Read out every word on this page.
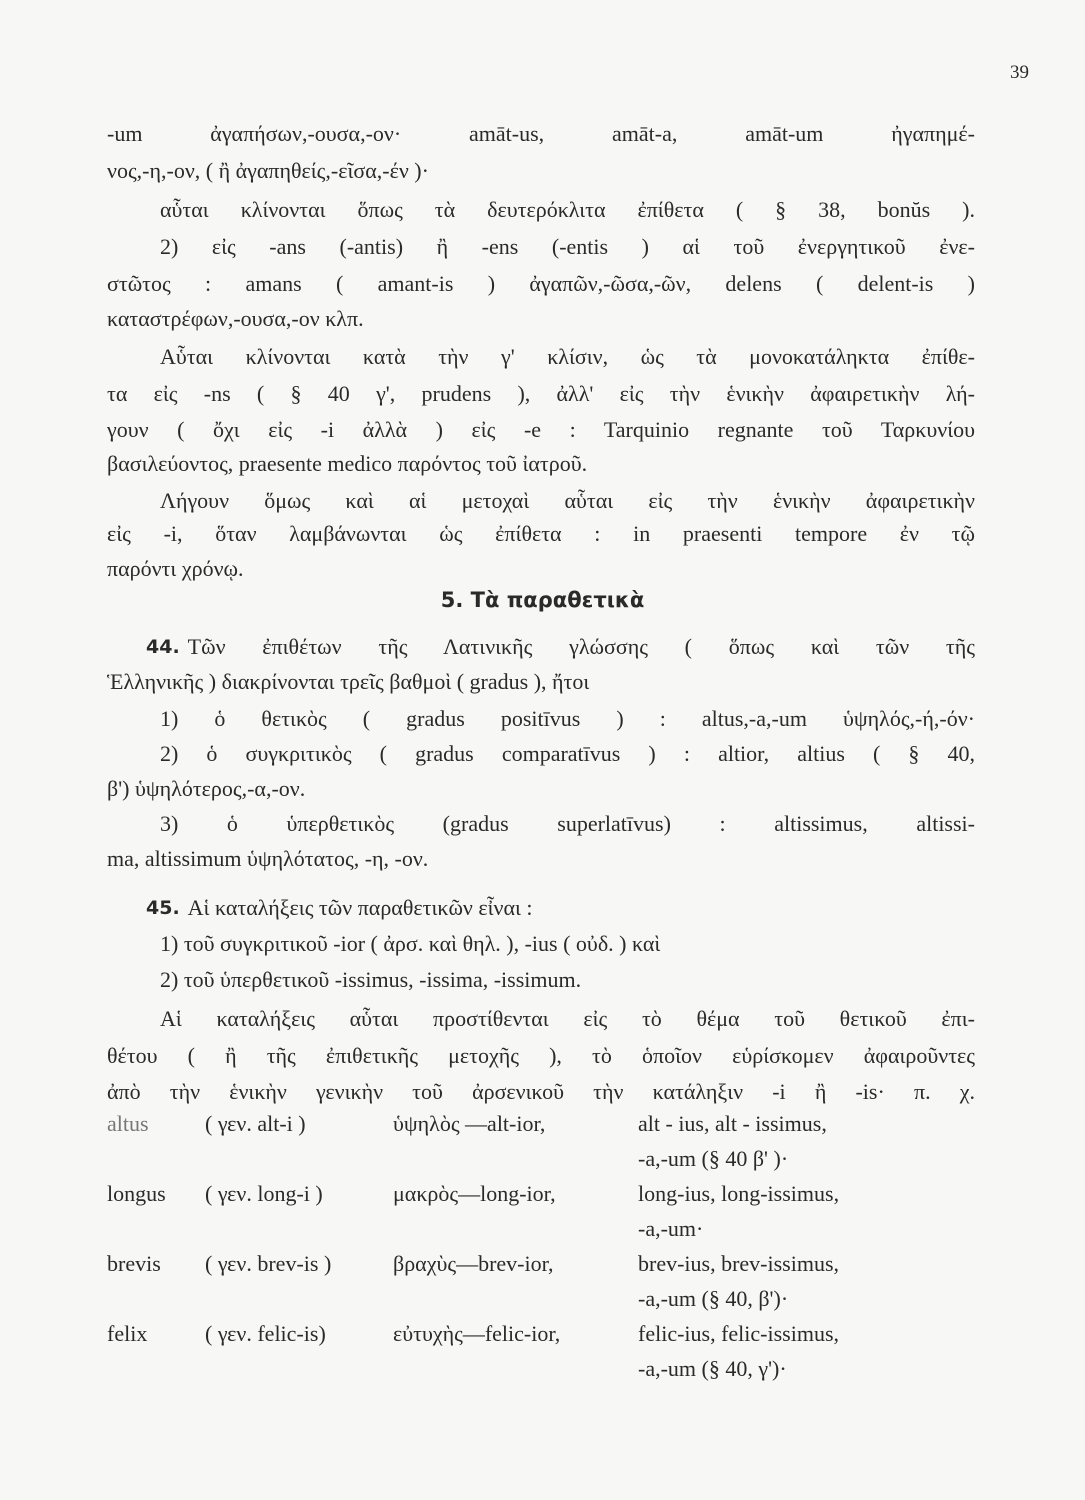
39
-um ἀγαπήσων,-ουσα,-ον· amāt-us, amāt-a, amāt-um ἠγαπημέ-
νος,-η,-ον, ( ἢ ἀγαπηθείς,-εῖσα,-έν )·
αὗται κλίνονται ὅπως τὰ δευτερόκλιτα ἐπίθετα ( § 38, bonŭs ).
2) εἰς -ans (-antis) ἢ -ens (-entis ) αἱ τοῦ ἐνεργητικοῦ ἐνε-
στῶτος : amans ( amant-is ) ἀγαπῶν,-ῶσα,-ῶν, delens ( delent-is )
καταστρέφων,-ουσα,-ον κλπ.
Αὗται κλίνονται κατὰ τὴν γ' κλίσιν, ὡς τὰ μονοκατάληκτα ἐπίθε-
τα εἰς -ns ( § 40 γ', prudens ), ἀλλ' εἰς τὴν ἑνικὴν ἀφαιρετικὴν λή-
γουν ( ὄχι εἰς -i ἀλλὰ ) εἰς -e : Tarquinio regnante τοῦ Ταρκυνίου
βασιλεύοντος, praesente medico παρόντος τοῦ ἰατροῦ.
Λήγουν ὅμως καὶ αἱ μετοχαὶ αὗται εἰς τὴν ἑνικὴν ἀφαιρετικὴν
εἰς -i, ὅταν λαμβάνωνται ὡς ἐπίθετα : in praesenti tempore ἐν τῷ
παρόντι χρόνῳ.
5. Τὰ παραθετικὰ
44. Τῶν ἐπιθέτων τῆς Λατινικῆς γλώσσης ( ὅπως καὶ τῶν τῆς
Ἑλληνικῆς ) διακρίνονται τρεῖς βαθμοὶ ( gradus ), ἤτοι
1) ὁ θετικὸς ( gradus positīvus ) : altus,-a,-um ὑψηλός,-ή,-όν·
2) ὁ συγκριτικὸς ( gradus comparatīvus ) : altior, altius ( § 40,
β') ὑψηλότερος,-α,-ον.
3) ὁ ὑπερθετικὸς (gradus superlatīvus) : altissimus, altissi-
ma, altissimum ὑψηλότατος, -η, -ον.
45. Αἱ καταλήξεις τῶν παραθετικῶν εἶναι :
1) τοῦ συγκριτικοῦ -ior ( ἀρσ. καὶ θηλ. ), -ius ( οὐδ. ) καὶ
2) τοῦ ὑπερθετικοῦ -issimus, -issima, -issimum.
Αἱ καταλήξεις αὗται προστίθενται εἰς τὸ θέμα τοῦ θετικοῦ ἐπι-
θέτου ( ἢ τῆς ἐπιθετικῆς μετοχῆς ), τὸ ὁποῖον εὑρίσκομεν ἀφαιροῦντες
ἀπὸ τὴν ἑνικὴν γενικὴν τοῦ ἀρσενικοῦ τὴν κατάληξιν -i ἢ -is· π. χ.
altus	( γεν. alt-i )	ὑψηλὸς —alt-ior,	alt - ius, alt - issimus,
-a,-um (§ 40 β' )·
longus ( γεν. long-i )	μακρὸς—long-ior,	long-ius, long-issimus,
-a,-um·
brevis ( γεν. brev-is )	βραχὺς—brev-ior,	brev-ius, brev-issimus,
-a,-um (§ 40, β')·
felix	( γεν. felic-is)	εὐτυχὴς—felic-ior,	felic-ius, felic-issimus,
-a,-um (§ 40, γ')·
